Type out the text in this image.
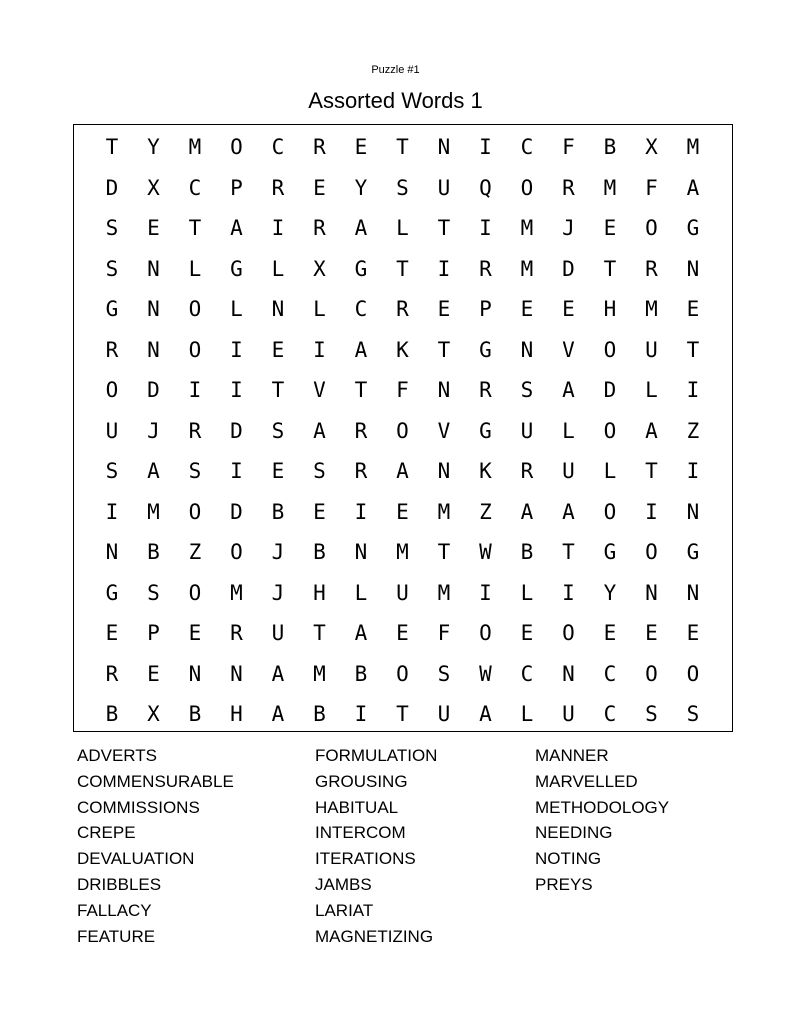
Puzzle #1
Assorted Words 1
T	Y	M	O	C	R	E	T	N	I	C	F	B	X	M
D	X	C	P	R	E	Y	S	U	Q	O	R	M	F	A
S	E	T	A	I	R	A	L	T	I	M	J	E	O	G
S	N	L	G	L	X	G	T	I	R	M	D	T	R	N
G	N	O	L	N	L	C	R	E	P	E	E	H	M	E
R	N	O	I	E	I	A	K	T	G	N	V	O	U	T
O	D	I	I	T	V	T	F	N	R	S	A	D	L	I
U	J	R	D	S	A	R	O	V	G	U	L	O	A	Z
S	A	S	I	E	S	R	A	N	K	R	U	L	T	I
I	M	O	D	B	E	I	E	M	Z	A	A	O	I	N
N	B	Z	O	J	B	N	M	T	W	B	T	G	O	G
G	S	O	M	J	H	L	U	M	I	L	I	Y	N	N
E	P	E	R	U	T	A	E	F	O	E	O	E	E	E
R	E	N	N	A	M	B	O	S	W	C	N	C	O	O
B	X	B	H	A	B	I	T	U	A	L	U	C	S	S
ADVERTS
COMMENSURABLE
COMMISSIONS
CREPE
DEVALUATION
DRIBBLES
FALLACY
FEATURE
FORMULATION
GROUSING
HABITUAL
INTERCOM
ITERATIONS
JAMBS
LARIAT
MAGNETIZING
MANNER
MARVELLED
METHODOLOGY
NEEDING
NOTING
PREYS
